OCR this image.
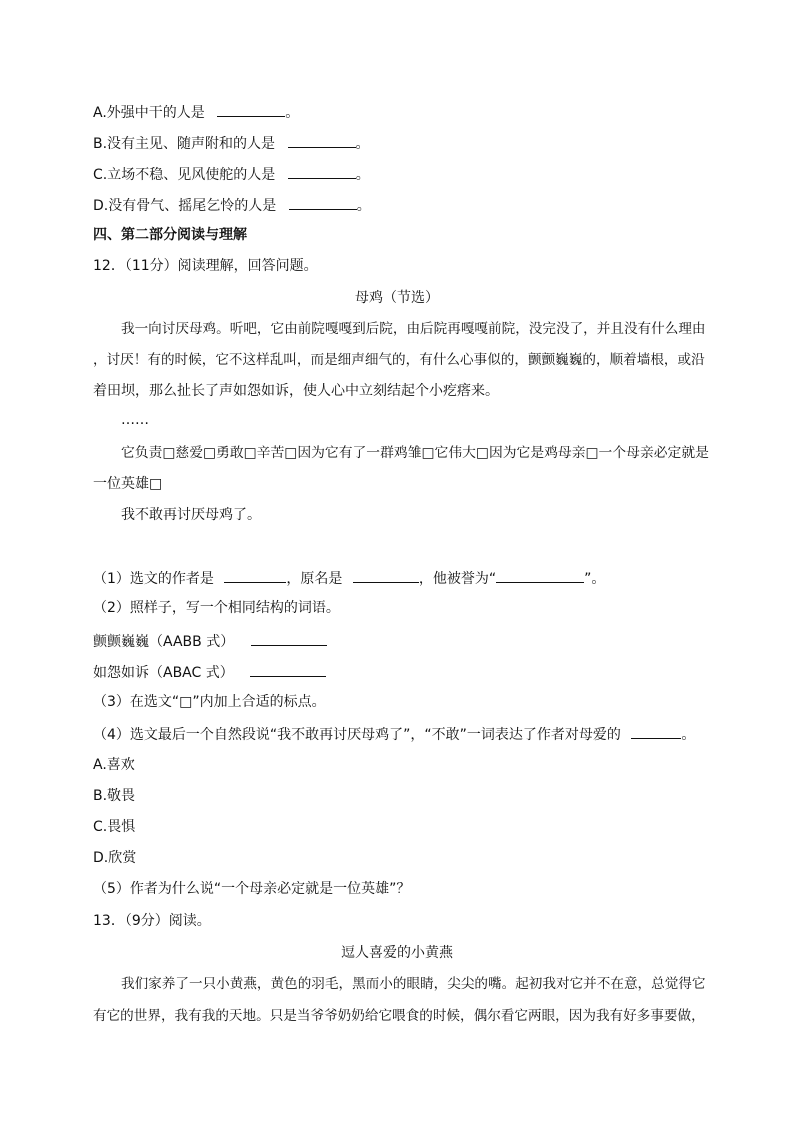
A.外强中干的人是	。
B.没有主见、随声附和的人是	。
C.立场不稳、见风使舵的人是	。
D.没有骨气、摇尾乞怜的人是	。
四、第二部分阅读与理解
12．（11分）阅读理解，回答问题。
母鸡（节选）
我一向讨厌母鸡。听吧，它由前院嘎嘎到后院，由后院再嘎嘎前院，没完没了，并且没有什么理由
，讨厌！有的时候，它不这样乱叫，而是细声细气的，有什么心事似的，颤颤巍巍的，顺着墙根，或沿
着田坝，那么扯长了声如怨如诉，使人心中立刻结起个小疙瘩来。
……
它负责□慈爱□勇敢□辛苦□因为它有了一群鸡雏□它伟大□因为它是鸡母亲□一个母亲必定就是
一位英雄□
我不敢再讨厌母鸡了。
（1）选文的作者是	，原名是	，他被誉为“	”。
（2）照样子，写一个相同结构的词语。
颤颤巍巍（AABB 式）
如怨如诉（ABAC 式）
（3）在选文“□”内加上合适的标点。
（4）选文最后一个自然段说“我不敢再讨厌母鸡了”，“不敢”一词表达了作者对母爱的	。
A.喜欢
B.敬畏
C.畏惧
D.欣赏
（5）作者为什么说“一个母亲必定就是一位英雄”？
13．（9分）阅读。
逗人喜爱的小黄燕
我们家养了一只小黄燕，黄色的羽毛，黑而小的眼睛，尖尖的嘴。起初我对它并不在意，总觉得它
有它的世界，我有我的天地。只是当爷爷奶奶给它喂食的时候，偶尔看它两眼，因为我有好多事要做，
